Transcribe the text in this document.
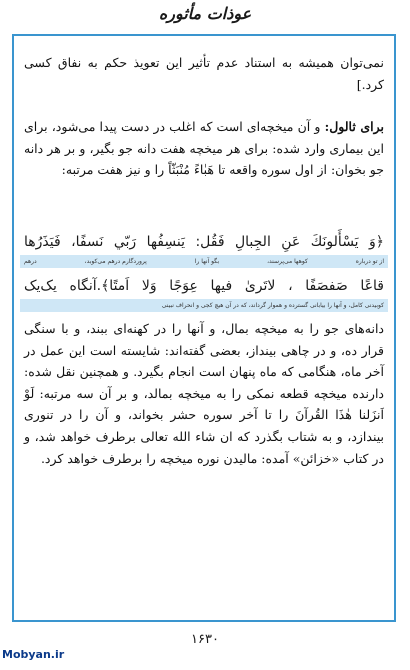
عوذات مأثوره
نمی‌توان همیشه به استناد عدم تأثیر این تعویذ حکم به نفاق کسی کرد.]
برای ثالول: و آن میخچه‌ای است که اغلب در دست پیدا می‌شود، برای این بیماری وارد شده: برای هر میخچه هفت دانه جو بگیر، و بر هر دانه جو بخوان: از اول سوره واقعه تا هَبٰاءً مُنْبَثّاً را و نیز هفت مرتبه:
﴿وَ يَسْأَلونَكَ عَنِ الجِبالِ فَقُل: يَنسِفُها رَبّي نَسفًا، فَيَذَرُها
از تو درباره
کوهها می‌پرسند،
بگو آنها را
پروردگارم درهم می‌کوبد،
درهم
قاعًا صَفصَفًا ، لاتَرىٰ فيها عِوَجًا وَلا اَمتًا﴾.آنگاه یک‌یک
کوبیدنی کامل، و آنها را بیابانی گسترده و هموار گرداند، که در آن هیچ کجی و انحراف نبینی
دانه‌های جو را به میخچه بمال، و آنها را در کهنه‌ای ببند، و با سنگی قرار ده، و در چاهی بینداز، بعضی گفته‌اند: شایسته است این عمل در آخر ماه، هنگامی که ماه پنهان است انجام بگیرد. و همچنین نقل شده: دارنده میخچه قطعه نمکی را به میخچه بمالد، و بر آن سه مرتبه: لَوْ اَنزَلنا هٰذَا القُرآنَ را تا آخر سوره حشر بخواند، و آن را در تنوری بیندازد، و به شتاب بگذرد که ان شاء الله تعالی برطرف خواهد شد، و در کتاب «خزائن» آمده: مالیدن نوره میخچه را برطرف خواهد کرد.
۱۶۳۰
Mobyan.ir
